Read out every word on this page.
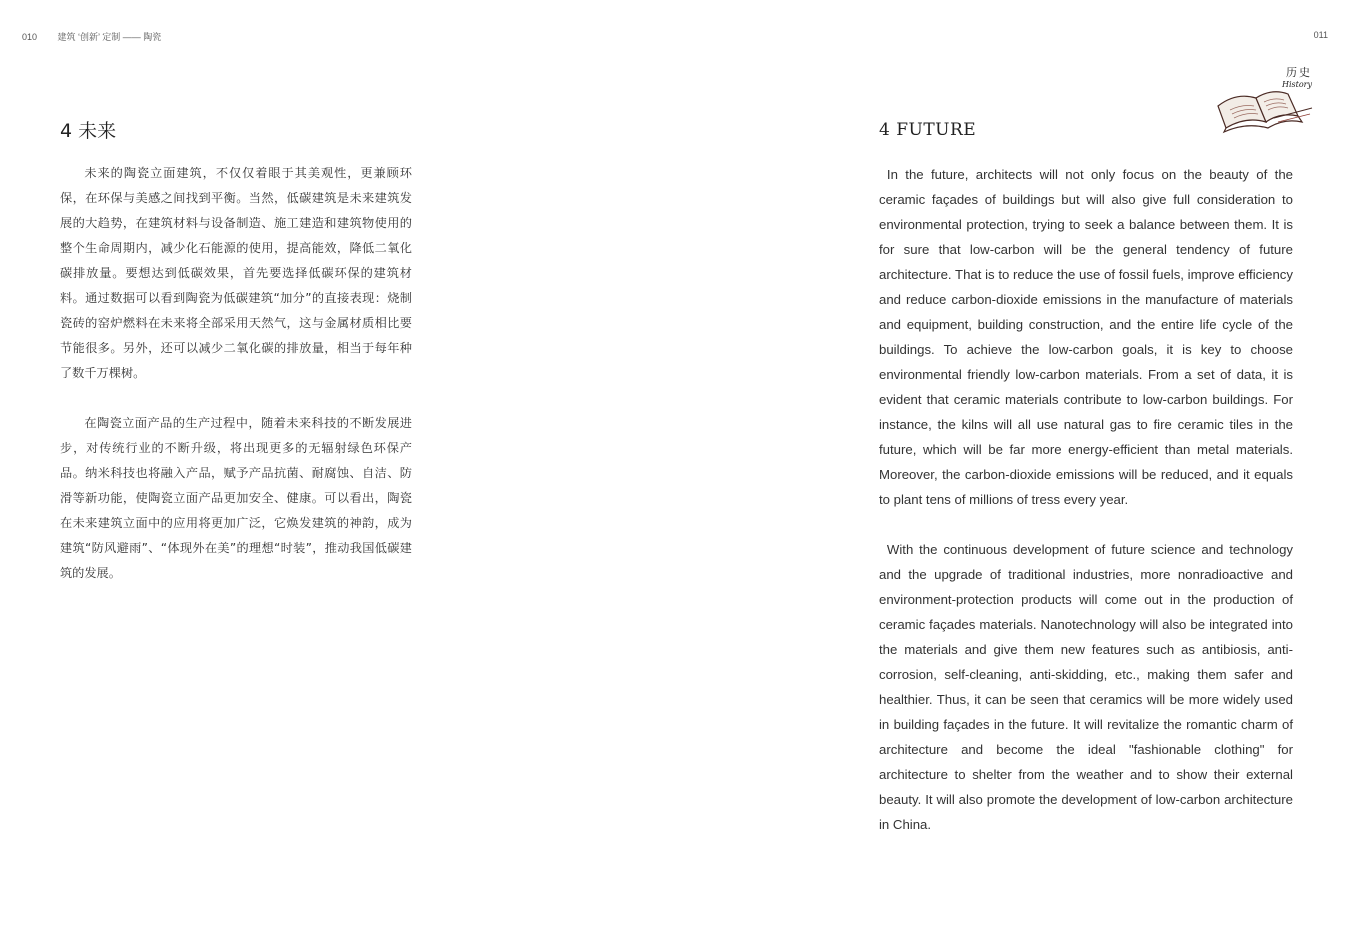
010 建筑 ‘创新’ 定制 —— 陶瓷	011
历史
History
4 未来

未来的陶瓷立面建筑，不仅仅着眼于其美观性，更兼顾环保，在环保与美感之间找到平衡。当然，低碳建筑是未来建筑发展的大趋势，在建筑材料与设备制造、施工建造和建筑物使用的整个生命周期内，减少化石能源的使用，提高能效，降低二氧化碳排放量。要想达到低碳效果，首先要选择低碳环保的建筑材料。通过数据可以看到陶瓷为低碳建筑“加分”的直接表现：烧制瓷砖的窑炉燃料在未来将全部采用天然气，这与金属材质相比要节能很多。另外，还可以减少二氧化碳的排放量，相当于每年种了数千万棵树。

在陶瓷立面产品的生产过程中，随着未来科技的不断发展进步，对传统行业的不断升级，将出现更多的无辐射绿色环保产品。纳米科技也将融入产品，赋予产品抗菌、耐腐蚀、自洁、防滑等新功能，使陶瓷立面产品更加安全、健康。可以看出，陶瓷在未来建筑立面中的应用将更加广泛，它焕发建筑的神韵，成为建筑“防风避雨”、“体现外在美”的理想“时装”，推动我国低碳建筑的发展。

4 FUTURE

In the future, architects will not only focus on the beauty of the ceramic façades of buildings but will also give full consideration to environmental protection, trying to seek a balance between them. It is for sure that low-carbon will be the general tendency of future architecture. That is to reduce the use of fossil fuels, improve efficiency and reduce carbon-dioxide emissions in the manufacture of materials and equipment, building construction, and the entire life cycle of the buildings. To achieve the low-carbon goals, it is key to choose environmental friendly low-carbon materials. From a set of data, it is evident that ceramic materials contribute to low-carbon buildings. For instance, the kilns will all use natural gas to fire ceramic tiles in the future, which will be far more energy-efficient than metal materials. Moreover, the carbon-dioxide emissions will be reduced, and it equals to plant tens of millions of tress every year.

With the continuous development of future science and technology and the upgrade of traditional industries, more nonradioactive and environment-protection products will come out in the production of ceramic façades materials. Nanotechnology will also be integrated into the materials and give them new features such as antibiosis, anti-corrosion, self-cleaning, anti-skidding, etc., making them safer and healthier. Thus, it can be seen that ceramics will be more widely used in building façades in the future. It will revitalize the romantic charm of architecture and become the ideal "fashionable clothing" for architecture to shelter from the weather and to show their external beauty. It will also promote the development of low-carbon architecture in China.
